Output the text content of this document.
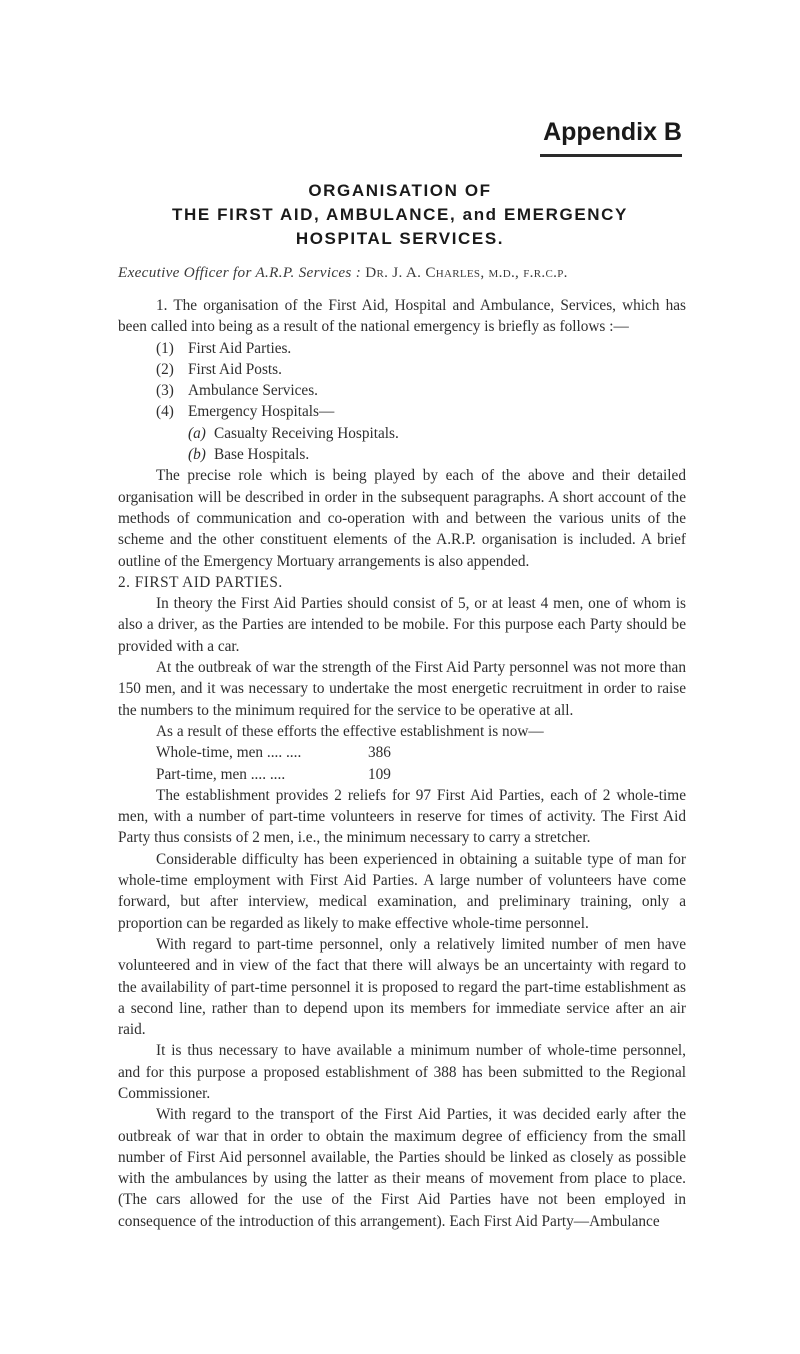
Appendix B
ORGANISATION OF
THE FIRST AID, AMBULANCE, and EMERGENCY
HOSPITAL SERVICES.
Executive Officer for A.R.P. Services : Dr. J. A. Charles, m.d., f.r.c.p.

1. The organisation of the First Aid, Hospital and Ambulance, Services, which has been called into being as a result of the national emergency is briefly as follows :—

(1) First Aid Parties.
(2) First Aid Posts.
(3) Ambulance Services.
(4) Emergency Hospitals—
(a) Casualty Receiving Hospitals.
(b) Base Hospitals.

The precise role which is being played by each of the above and their detailed organisation will be described in order in the subsequent paragraphs. A short account of the methods of communication and co-operation with and between the various units of the scheme and the other constituent elements of the A.R.P. organisation is included. A brief outline of the Emergency Mortuary arrangements is also appended.

2. FIRST AID PARTIES.

In theory the First Aid Parties should consist of 5, or at least 4 men, one of whom is also a driver, as the Parties are intended to be mobile. For this purpose each Party should be provided with a car.

At the outbreak of war the strength of the First Aid Party personnel was not more than 150 men, and it was necessary to undertake the most energetic recruitment in order to raise the numbers to the minimum required for the service to be operative at all.

As a result of these efforts the effective establishment is now—

Whole-time, men .... ....	386
Part-time, men .... ....	109

The establishment provides 2 reliefs for 97 First Aid Parties, each of 2 whole-time men, with a number of part-time volunteers in reserve for times of activity. The First Aid Party thus consists of 2 men, i.e., the minimum necessary to carry a stretcher.

Considerable difficulty has been experienced in obtaining a suitable type of man for whole-time employment with First Aid Parties. A large number of volunteers have come forward, but after interview, medical examination, and preliminary training, only a proportion can be regarded as likely to make effective whole-time personnel.

With regard to part-time personnel, only a relatively limited number of men have volunteered and in view of the fact that there will always be an uncertainty with regard to the availability of part-time personnel it is proposed to regard the part-time establishment as a second line, rather than to depend upon its members for immediate service after an air raid.

It is thus necessary to have available a minimum number of whole-time personnel, and for this purpose a proposed establishment of 388 has been submitted to the Regional Commissioner.

With regard to the transport of the First Aid Parties, it was decided early after the outbreak of war that in order to obtain the maximum degree of efficiency from the small number of First Aid personnel available, the Parties should be linked as closely as possible with the ambulances by using the latter as their means of movement from place to place. (The cars allowed for the use of the First Aid Parties have not been employed in consequence of the introduction of this arrangement). Each First Aid Party—Ambulance
